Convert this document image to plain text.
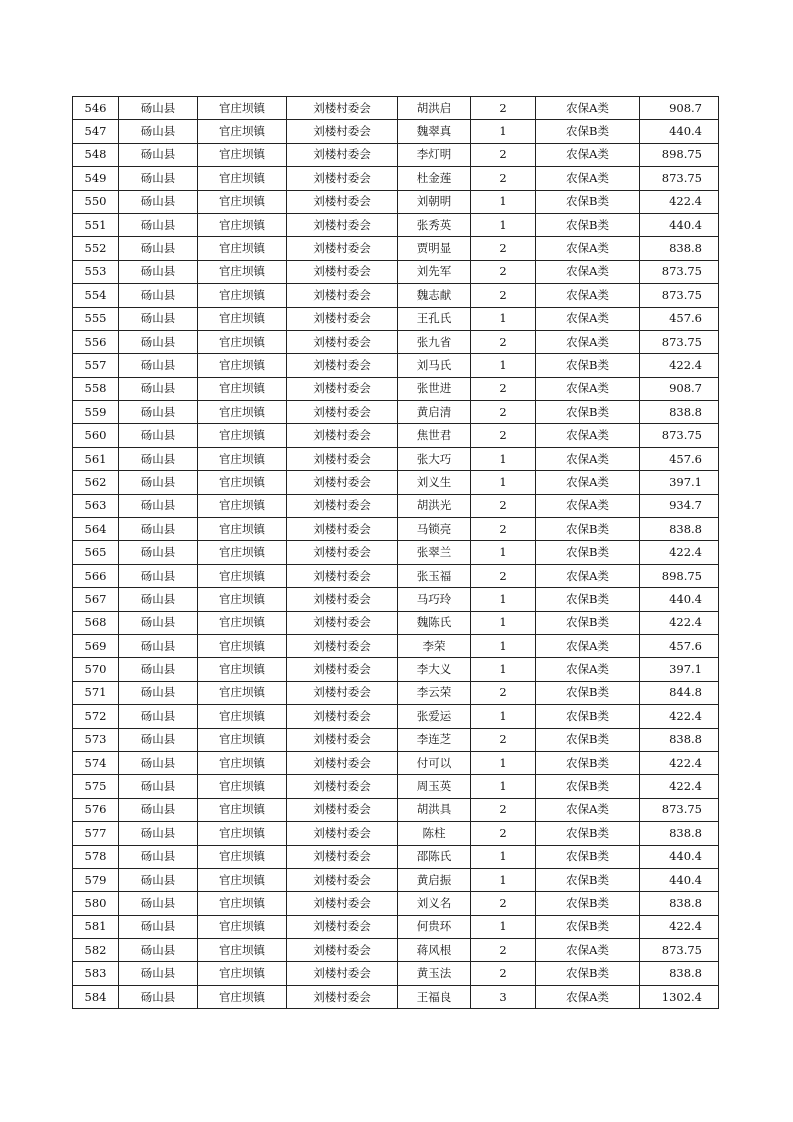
546	砀山县	官庄坝镇	刘楼村委会	胡洪启	2	农保A类	908.7
547	砀山县	官庄坝镇	刘楼村委会	魏翠真	1	农保B类	440.4
548	砀山县	官庄坝镇	刘楼村委会	李灯明	2	农保A类	898.75
549	砀山县	官庄坝镇	刘楼村委会	杜金莲	2	农保A类	873.75
550	砀山县	官庄坝镇	刘楼村委会	刘朝明	1	农保B类	422.4
551	砀山县	官庄坝镇	刘楼村委会	张秀英	1	农保B类	440.4
552	砀山县	官庄坝镇	刘楼村委会	贾明显	2	农保A类	838.8
553	砀山县	官庄坝镇	刘楼村委会	刘先军	2	农保A类	873.75
554	砀山县	官庄坝镇	刘楼村委会	魏志献	2	农保A类	873.75
555	砀山县	官庄坝镇	刘楼村委会	王孔氏	1	农保A类	457.6
556	砀山县	官庄坝镇	刘楼村委会	张九省	2	农保A类	873.75
557	砀山县	官庄坝镇	刘楼村委会	刘马氏	1	农保B类	422.4
558	砀山县	官庄坝镇	刘楼村委会	张世进	2	农保A类	908.7
559	砀山县	官庄坝镇	刘楼村委会	黄启清	2	农保B类	838.8
560	砀山县	官庄坝镇	刘楼村委会	焦世君	2	农保A类	873.75
561	砀山县	官庄坝镇	刘楼村委会	张大巧	1	农保A类	457.6
562	砀山县	官庄坝镇	刘楼村委会	刘义生	1	农保A类	397.1
563	砀山县	官庄坝镇	刘楼村委会	胡洪光	2	农保A类	934.7
564	砀山县	官庄坝镇	刘楼村委会	马锁亮	2	农保B类	838.8
565	砀山县	官庄坝镇	刘楼村委会	张翠兰	1	农保B类	422.4
566	砀山县	官庄坝镇	刘楼村委会	张玉福	2	农保A类	898.75
567	砀山县	官庄坝镇	刘楼村委会	马巧玲	1	农保B类	440.4
568	砀山县	官庄坝镇	刘楼村委会	魏陈氏	1	农保B类	422.4
569	砀山县	官庄坝镇	刘楼村委会	李荣	1	农保A类	457.6
570	砀山县	官庄坝镇	刘楼村委会	李大义	1	农保A类	397.1
571	砀山县	官庄坝镇	刘楼村委会	李云荣	2	农保B类	844.8
572	砀山县	官庄坝镇	刘楼村委会	张爱运	1	农保B类	422.4
573	砀山县	官庄坝镇	刘楼村委会	李连芝	2	农保B类	838.8
574	砀山县	官庄坝镇	刘楼村委会	付可以	1	农保B类	422.4
575	砀山县	官庄坝镇	刘楼村委会	周玉英	1	农保B类	422.4
576	砀山县	官庄坝镇	刘楼村委会	胡洪具	2	农保A类	873.75
577	砀山县	官庄坝镇	刘楼村委会	陈柱	2	农保B类	838.8
578	砀山县	官庄坝镇	刘楼村委会	邵陈氏	1	农保B类	440.4
579	砀山县	官庄坝镇	刘楼村委会	黄启振	1	农保B类	440.4
580	砀山县	官庄坝镇	刘楼村委会	刘义名	2	农保B类	838.8
581	砀山县	官庄坝镇	刘楼村委会	何贵环	1	农保B类	422.4
582	砀山县	官庄坝镇	刘楼村委会	蒋风根	2	农保A类	873.75
583	砀山县	官庄坝镇	刘楼村委会	黄玉法	2	农保B类	838.8
584	砀山县	官庄坝镇	刘楼村委会	王福良	3	农保A类	1302.4
